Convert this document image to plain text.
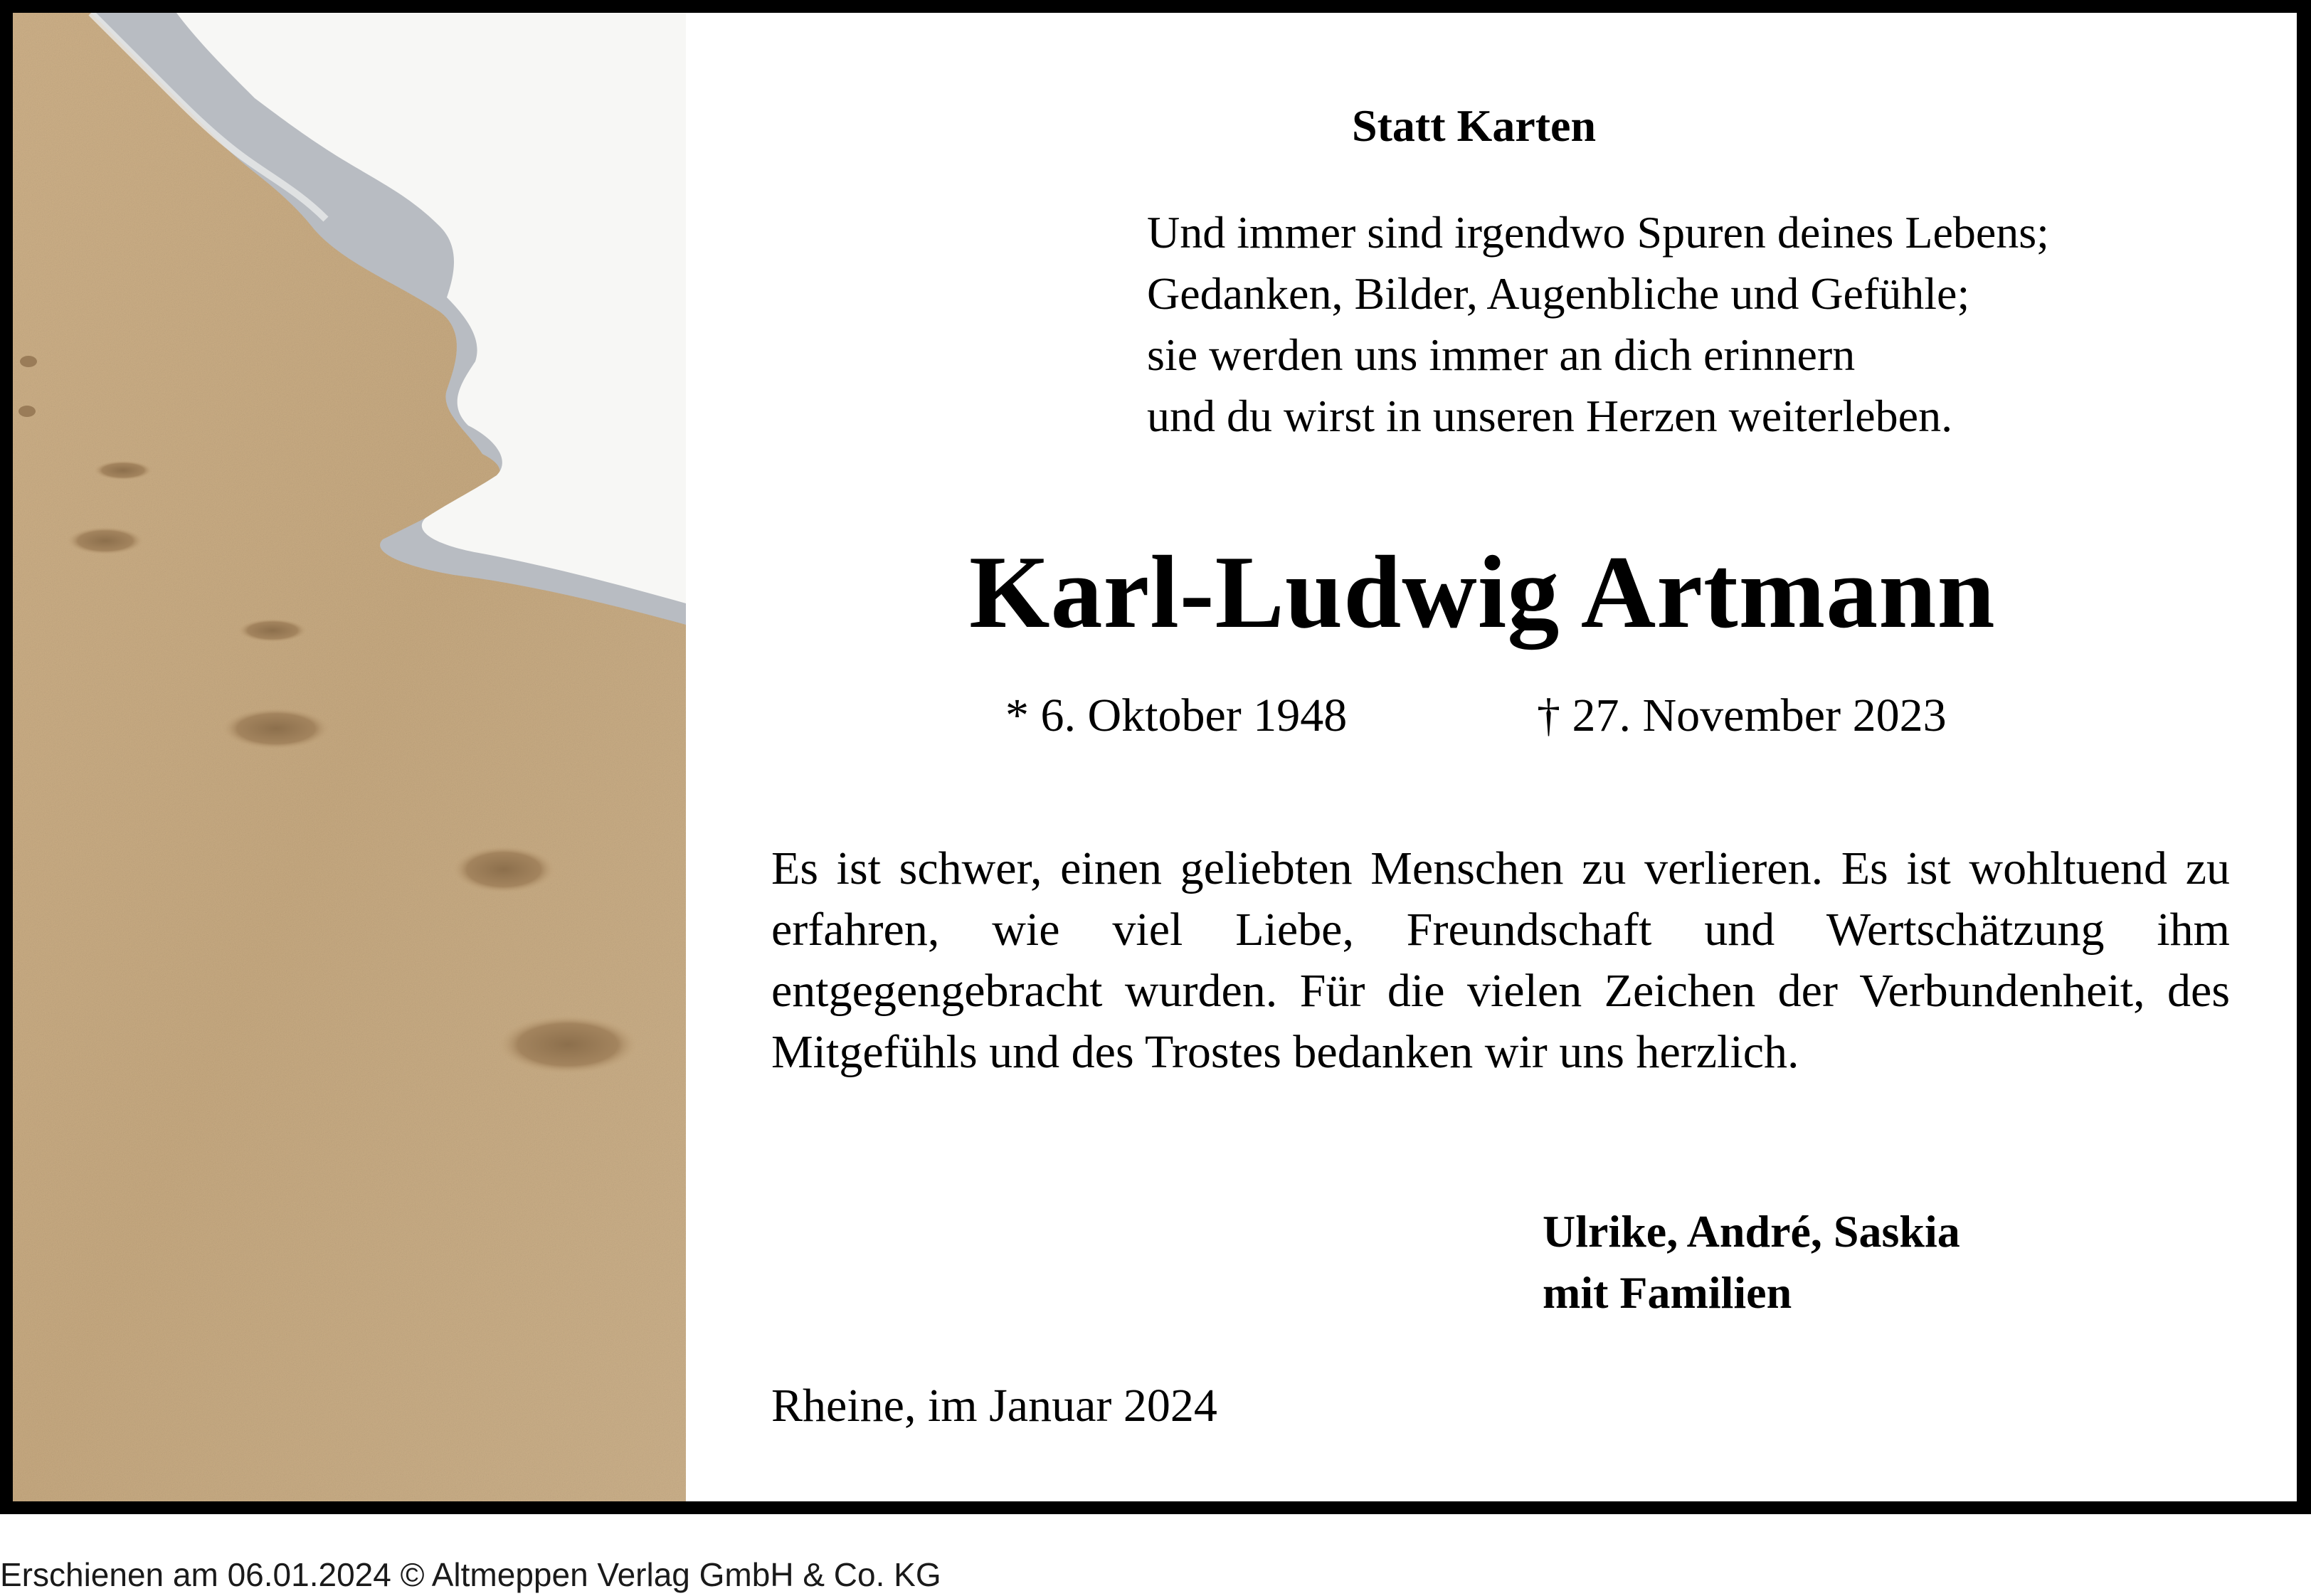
Statt Karten
Und immer sind irgendwo Spuren deines Lebens;
Gedanken, Bilder, Augenbliche und Gefühle;
sie werden uns immer an dich erinnern
und du wirst in unseren Herzen weiterleben.
Karl-Ludwig Artmann
* 6. Oktober 1948	† 27. November 2023
Es ist schwer, einen geliebten Menschen zu verlieren. Es ist wohltuend zu erfahren, wie viel Liebe, Freundschaft und Wertschätzung ihm entgegengebracht wurden. Für die vielen Zeichen der Verbundenheit, des Mitgefühls und des Trostes bedanken wir uns herzlich.
Ulrike, André, Saskia
mit Familien
Rheine, im Januar 2024
Erschienen am 06.01.2024 © Altmeppen Verlag GmbH & Co. KG
